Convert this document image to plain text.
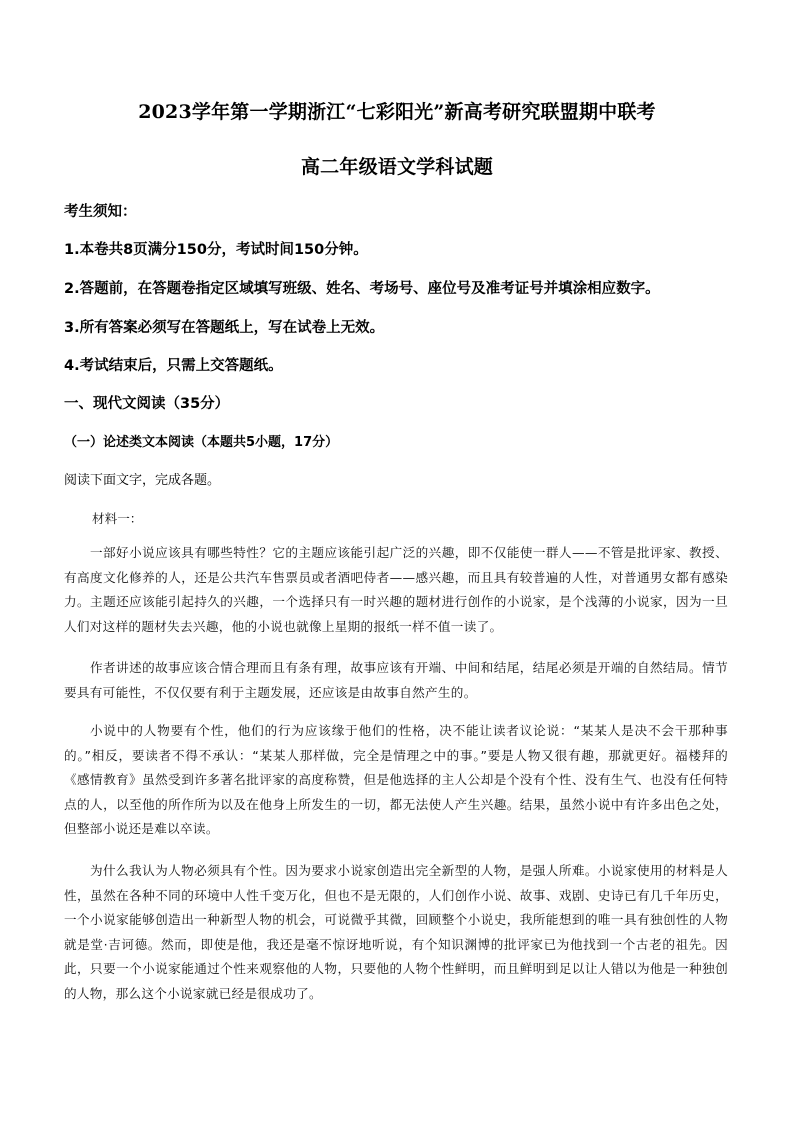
2023学年第一学期浙江“七彩阳光”新高考研究联盟期中联考
高二年级语文学科试题
考生须知：
1.本卷共8页满分150分，考试时间150分钟。
2.答题前，在答题卷指定区域填写班级、姓名、考场号、座位号及准考证号并填涂相应数字。
3.所有答案必须写在答题纸上，写在试卷上无效。
4.考试结束后，只需上交答题纸。
一、现代文阅读（35分）
（一）论述类文本阅读（本题共5小题，17分）
阅读下面文字，完成各题。
材料一：
一部好小说应该具有哪些特性？它的主题应该能引起广泛的兴趣，即不仅能使一群人——不管是批评家、教授、有高度文化修养的人，还是公共汽车售票员或者酒吧侍者——感兴趣，而且具有较普遍的人性，对普通男女都有感染力。主题还应该能引起持久的兴趣，一个选择只有一时兴趣的题材进行创作的小说家，是个浅薄的小说家，因为一旦人们对这样的题材失去兴趣，他的小说也就像上星期的报纸一样不值一读了。
作者讲述的故事应该合情合理而且有条有理，故事应该有开端、中间和结尾，结尾必须是开端的自然结局。情节要具有可能性，不仅仅要有利于主题发展，还应该是由故事自然产生的。
小说中的人物要有个性，他们的行为应该缘于他们的性格，决不能让读者议论说：“某某人是决不会干那种事的。”相反，要读者不得不承认：“某某人那样做，完全是情理之中的事。”要是人物又很有趣，那就更好。福楼拜的《感情教育》虽然受到许多著名批评家的高度称赞，但是他选择的主人公却是个没有个性、没有生气、也没有任何特点的人，以至他的所作所为以及在他身上所发生的一切，都无法使人产生兴趣。结果，虽然小说中有许多出色之处，但整部小说还是难以卒读。
为什么我认为人物必须具有个性。因为要求小说家创造出完全新型的人物，是强人所难。小说家使用的材料是人性，虽然在各种不同的环境中人性千变万化，但也不是无限的，人们创作小说、故事、戏剧、史诗已有几千年历史，一个小说家能够创造出一种新型人物的机会，可说微乎其微，回顾整个小说史，我所能想到的唯一具有独创性的人物就是堂·吉诃德。然而，即使是他，我还是毫不惊讶地听说，有个知识渊博的批评家已为他找到一个古老的祖先。因此，只要一个小说家能通过个性来观察他的人物，只要他的人物个性鲜明，而且鲜明到足以让人错以为他是一种独创的人物，那么这个小说家就已经是很成功了。
